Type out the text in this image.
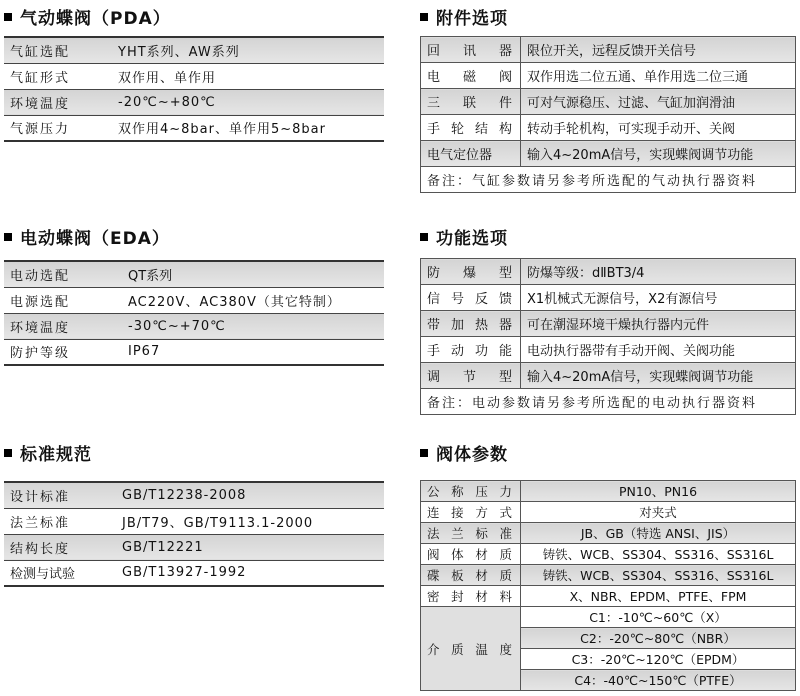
气动蝶阀（PDA）
气缸选配	YHT系列、AW系列
气缸形式	双作用、单作用
环境温度	-20℃~+80℃
气源压力	双作用4~8bar、单作用5~8bar
附件选项
回讯器	限位开关，远程反馈开关信号
电磁阀	双作用选二位五通、单作用选二位三通
三联件	可对气源稳压、过滤、气缸加润滑油
手轮结构	转动手轮机构，可实现手动开、关阀
电气定位器	输入4~20mA信号，实现蝶阀调节功能
备注：气缸参数请另参考所选配的气动执行器资料	
电动蝶阀（EDA）
电动选配	QT系列
电源选配	AC220V、AC380V（其它特制）
环境温度	-30℃~+70℃
防护等级	IP67
功能选项
防爆型	防爆等级：dⅡBT3/4
信号反馈	X1机械式无源信号，X2有源信号
带加热器	可在潮湿环境干燥执行器内元件
手动功能	电动执行器带有手动开阀、关阀功能
调节型	输入4~20mA信号，实现蝶阀调节功能
备注：电动参数请另参考所选配的电动执行器资料	
标准规范
设计标准	GB/T12238-2008
法兰标准	JB/T79、GB/T9113.1-2000
结构长度	GB/T12221
检测与试验	GB/T13927-1992
阀体参数
公称压力	PN10、PN16
连接方式	对夹式
法兰标准	JB、GB（特选 ANSI、JIS）
阀体材质	铸铁、WCB、SS304、SS316、SS316L
碟板材质	铸铁、WCB、SS304、SS316、SS316L
密封材料	X、NBR、EPDM、PTFE、FPM
介质温度	C1：-10℃~60℃（X）
	C2：-20℃~80℃（NBR）
	C3：-20℃~120℃（EPDM）
	C4：-40℃~150℃（PTFE）
